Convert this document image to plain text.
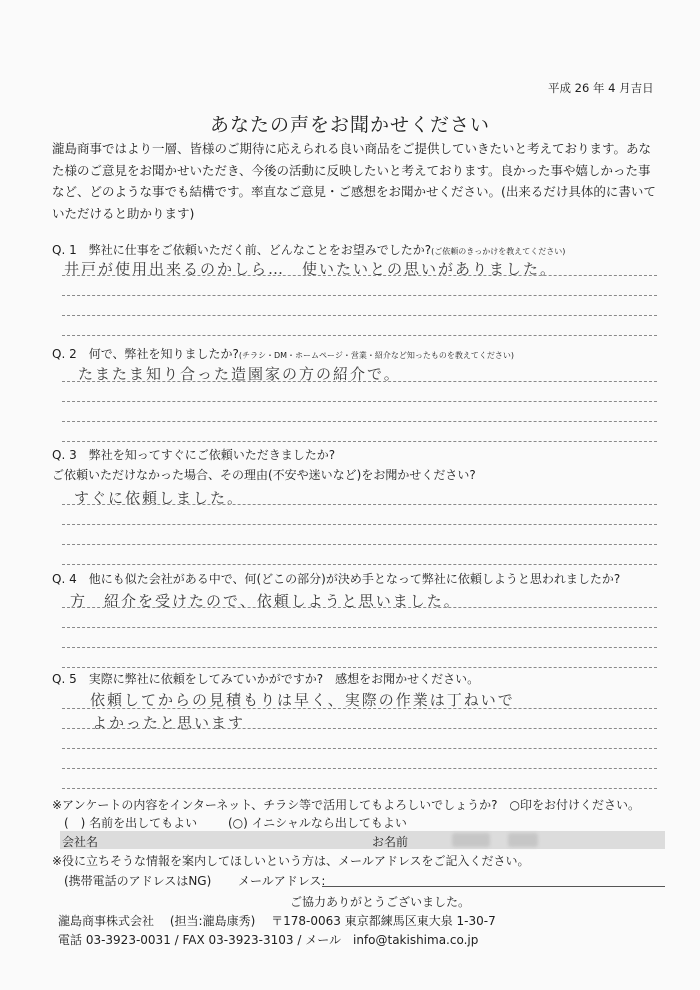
平成 26 年 4 月吉日
あなたの声をお聞かせください
瀧島商事ではより一層、皆様のご期待に応えられる良い商品をご提供していきたいと考えております。あなた様のご意見をお聞かせいただき、今後の活動に反映したいと考えております。良かった事や嬉しかった事など、どのような事でも結構です。率直なご意見・ご感想をお聞かせください。(出来るだけ具体的に書いていただけると助かります)
Q. 1　弊社に仕事をご依頼いただく前、どんなことをお望みでしたか?(ご依頼のきっかけを教えてください)
井戸が使用出来るのかしら…　使いたいとの思いがありました。
Q. 2　何で、弊社を知りましたか?(チラシ・DM・ホームページ・営業・紹介など知ったものを教えてください)
たまたま知り合った造園家の方の紹介で。
Q. 3　弊社を知ってすぐにご依頼いただきましたか?
ご依頼いただけなかった場合、その理由(不安や迷いなど)をお聞かせください?
すぐに依頼しました。
Q. 4　他にも似た会社がある中で、何(どこの部分)が決め手となって弊社に依頼しようと思われましたか?
方　紹介を受けたので、依頼しようと思いました。
Q. 5　実際に弊社に依頼をしてみていかがですか?　感想をお聞かせください。
依頼してからの見積もりは早く、実際の作業は丁ねいで
よかったと思います
※アンケートの内容をインターネット、チラシ等で活用してもよろしいでしょうか?　○印をお付けください。
(　) 名前を出してもよい	(○) イニシャルなら出してもよい
会社名	お名前
※役に立ちそうな情報を案内してほしいという方は、メールアドレスをご記入ください。
(携帯電話のアドレスはNG) メールアドレス:
ご協力ありがとうございました。
瀧島商事株式会社　 (担当:瀧島康秀)　 〒178-0063 東京都練馬区東大泉 1-30-7
電話 03-3923-0031 / FAX 03-3923-3103 / メール　info@takishima.co.jp
